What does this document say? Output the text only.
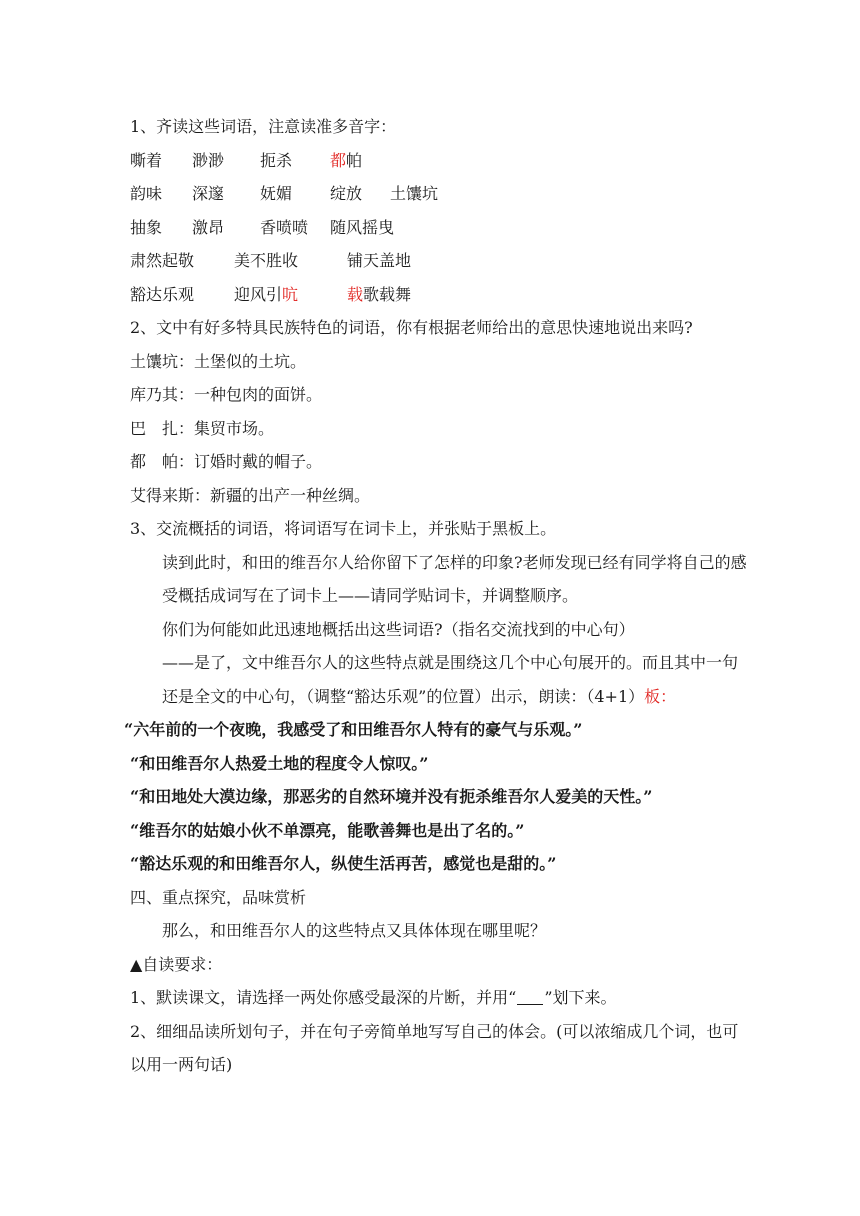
1、齐读这些词语，注意读准多音字：
嘶着 渺渺 扼杀 都帕
韵味 深邃 妩媚 绽放 土馕坑
抽象 激昂 香喷喷 随风摇曳
肃然起敬 美不胜收	铺天盖地
豁达乐观 迎风引吭	载歌载舞
2、文中有好多特具民族特色的词语，你有根据老师给出的意思快速地说出来吗?
土馕坑：土堡似的土坑。
库乃其：一种包肉的面饼。
巴　扎：集贸市场。
都　帕：订婚时戴的帽子。
艾得来斯：新疆的出产一种丝绸。
3、交流概括的词语，将词语写在词卡上，并张贴于黑板上。
读到此时，和田的维吾尔人给你留下了怎样的印象?老师发现已经有同学将自己的感受概括成词写在了词卡上——请同学贴词卡，并调整顺序。
你们为何能如此迅速地概括出这些词语?（指名交流找到的中心句）
——是了，文中维吾尔人的这些特点就是围绕这几个中心句展开的。而且其中一句还是全文的中心句，（调整“豁达乐观”的位置）出示，朗读：（4+1）板：
“六年前的一个夜晚，我感受了和田维吾尔人特有的豪气与乐观。”
“和田维吾尔人热爱土地的程度令人惊叹。”
“和田地处大漠边缘，那恶劣的自然环境并没有扼杀维吾尔人爱美的天性。”
“维吾尔的姑娘小伙不单漂亮，能歌善舞也是出了名的。”
“豁达乐观的和田维吾尔人，纵使生活再苦，感觉也是甜的。”
四、重点探究，品味赏析
那么，和田维吾尔人的这些特点又具体体现在哪里呢？
▲自读要求：
1、默读课文，请选择一两处你感受最深的片断，并用“ ”划下来。
2、细细品读所划句子，并在句子旁简单地写写自己的体会。(可以浓缩成几个词，也可以用一两句话)
